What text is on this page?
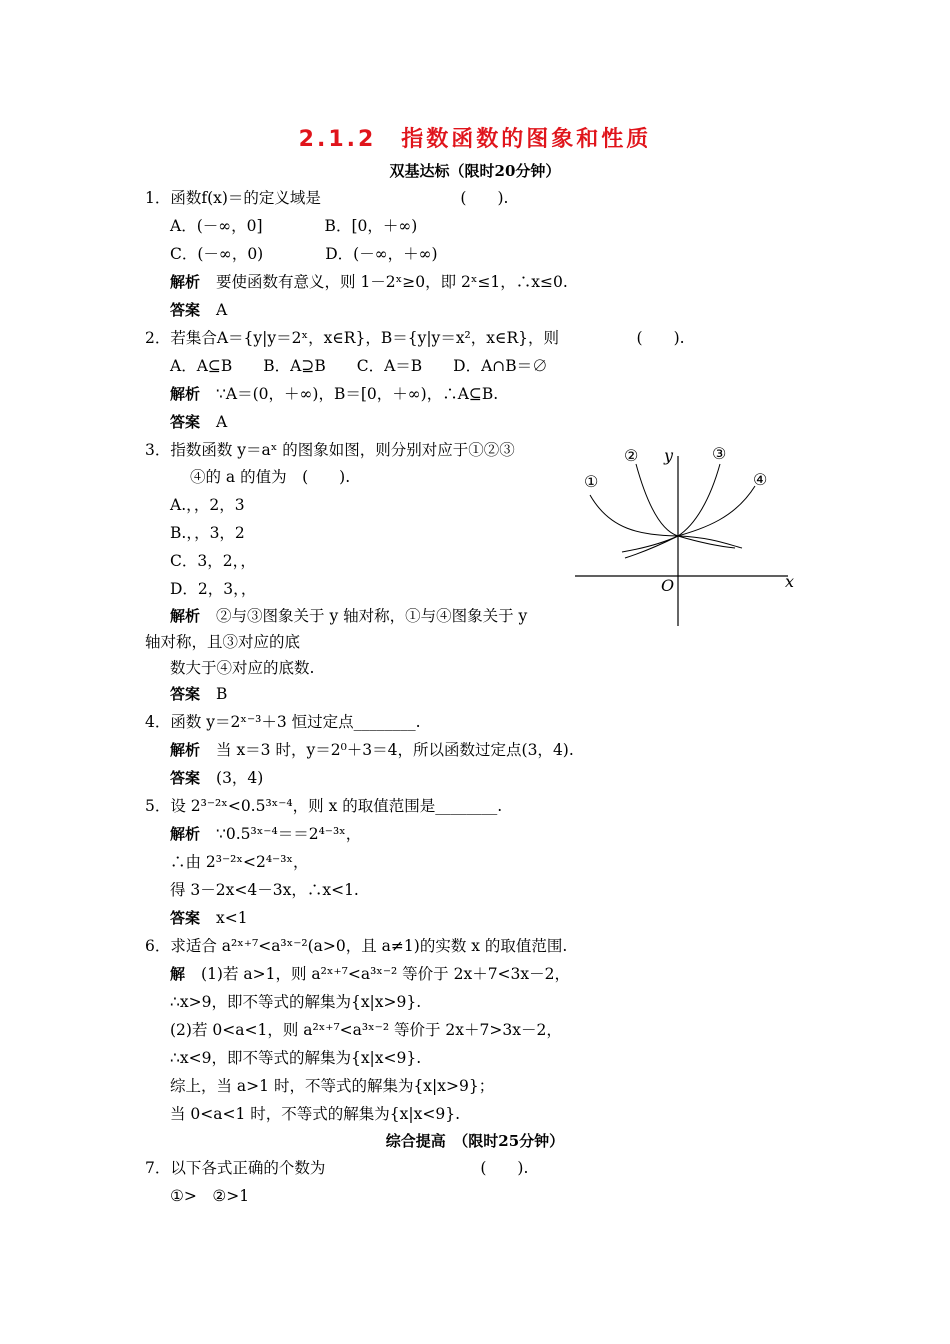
2.1.2　指数函数的图象和性质
双基达标（限时20分钟）
1．函数f(x)＝的定义域是　　　　　　　　　(　　).
A．(－∞，0]　　　　B．[0，＋∞)
C．(－∞，0)　　　　D．(－∞，＋∞)
解析 要使函数有意义，则 1－2ˣ≥0，即 2ˣ≤1，∴x≤0.
答案 A
2．若集合A＝{y|y＝2ˣ，x∈R}，B＝{y|y＝x²，x∈R}，则　　　　　(　　).
A．A⊆B　　B．A⊇B　　C．A＝B　　D．A∩B＝∅
解析 ∵A＝(0，＋∞)，B＝[0，＋∞)，∴A⊆B.
答案 A
3．指数函数 y＝aˣ 的图象如图，则分别对应于①②③
④的 a 的值为　(　　).
A.，，2，3
B.，，3，2
C．3，2，，
D．2，3，，
解析 ②与③图象关于 y 轴对称，①与④图象关于 y
轴对称，且③对应的底
数大于④对应的底数.
答案 B
①
②	③
④
y
x
O
4．函数 y＝2ˣ⁻³＋3 恒过定点________.
解析 当 x＝3 时，y＝2⁰＋3＝4，所以函数过定点(3，4).
答案 (3，4)
5．设 2³⁻²ˣ<0.5³ˣ⁻⁴，则 x 的取值范围是________.
解析 ∵0.5³ˣ⁻⁴＝＝2⁴⁻³ˣ，
∴由 2³⁻²ˣ<2⁴⁻³ˣ，
得 3－2x<4－3x，∴x<1.
答案 x<1
6．求适合 a²ˣ⁺⁷<a³ˣ⁻²(a>0，且 a≠1)的实数 x 的取值范围.
解 (1)若 a>1，则 a²ˣ⁺⁷<a³ˣ⁻² 等价于 2x＋7<3x－2，
∴x>9，即不等式的解集为{x|x>9}.
(2)若 0<a<1，则 a²ˣ⁺⁷<a³ˣ⁻² 等价于 2x＋7>3x－2，
∴x<9，即不等式的解集为{x|x<9}.
综上，当 a>1 时，不等式的解集为{x|x>9}；
当 0<a<1 时，不等式的解集为{x|x<9}.
综合提高　（限时25分钟）
7．以下各式正确的个数为　　　　　　　　　　(　　).
①>　②>1
